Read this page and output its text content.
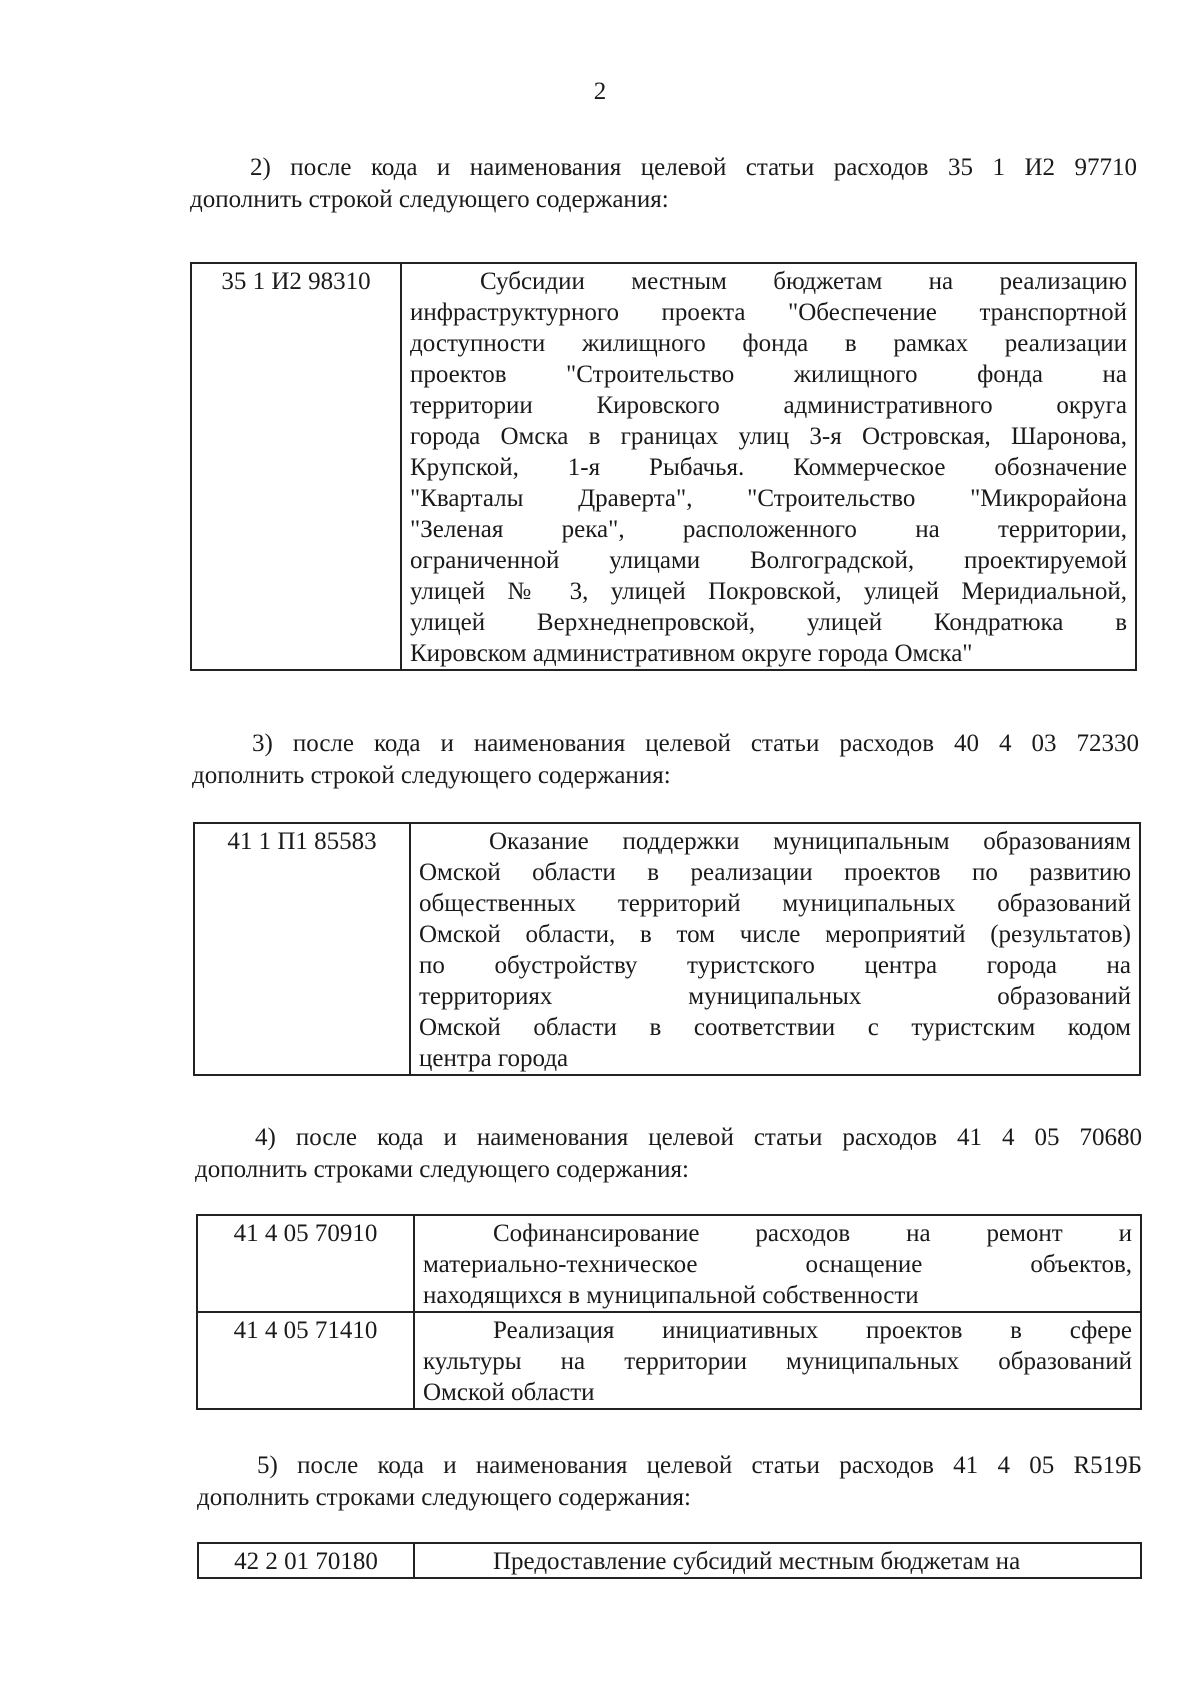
2

2) после кода и наименования целевой статьи расходов 35 1 И2 97710
дополнить строкой следующего содержания:

35 1 И2 98310	Субсидии местным бюджетам на реализацию
инфраструктурного проекта "Обеспечение транспортной
доступности жилищного фонда в рамках реализации
проектов "Строительство жилищного фонда на
территории Кировского административного округа
города Омска в границах улиц 3-я Островская, Шаронова,
Крупской, 1-я Рыбачья. Коммерческое обозначение
"Кварталы Драверта", "Строительство "Микрорайона
"Зеленая река", расположенного на территории,
ограниченной улицами Волгоградской, проектируемой
улицей № 3, улицей Покровской, улицей Меридиальной,
улицей Верхнеднепровской, улицей Кондратюка в
Кировском административном округе города Омска"

3) после кода и наименования целевой статьи расходов 40 4 03 72330
дополнить строкой следующего содержания:

41 1 П1 85583	Оказание поддержки муниципальным образованиям
Омской области в реализации проектов по развитию
общественных территорий муниципальных образований
Омской области, в том числе мероприятий (результатов)
по обустройству туристского центра города на
территориях муниципальных образований
Омской области в соответствии с туристским кодом
центра города

4) после кода и наименования целевой статьи расходов 41 4 05 70680
дополнить строками следующего содержания:

41 4 05 70910	Софинансирование расходов на ремонт и
материально-техническое оснащение объектов,
находящихся в муниципальной собственности

41 4 05 71410	Реализация инициативных проектов в сфере
культуры на территории муниципальных образований
Омской области

5) после кода и наименования целевой статьи расходов 41 4 05 R519Б
дополнить строками следующего содержания:

42 2 01 70180	Предоставление субсидий местным бюджетам на
